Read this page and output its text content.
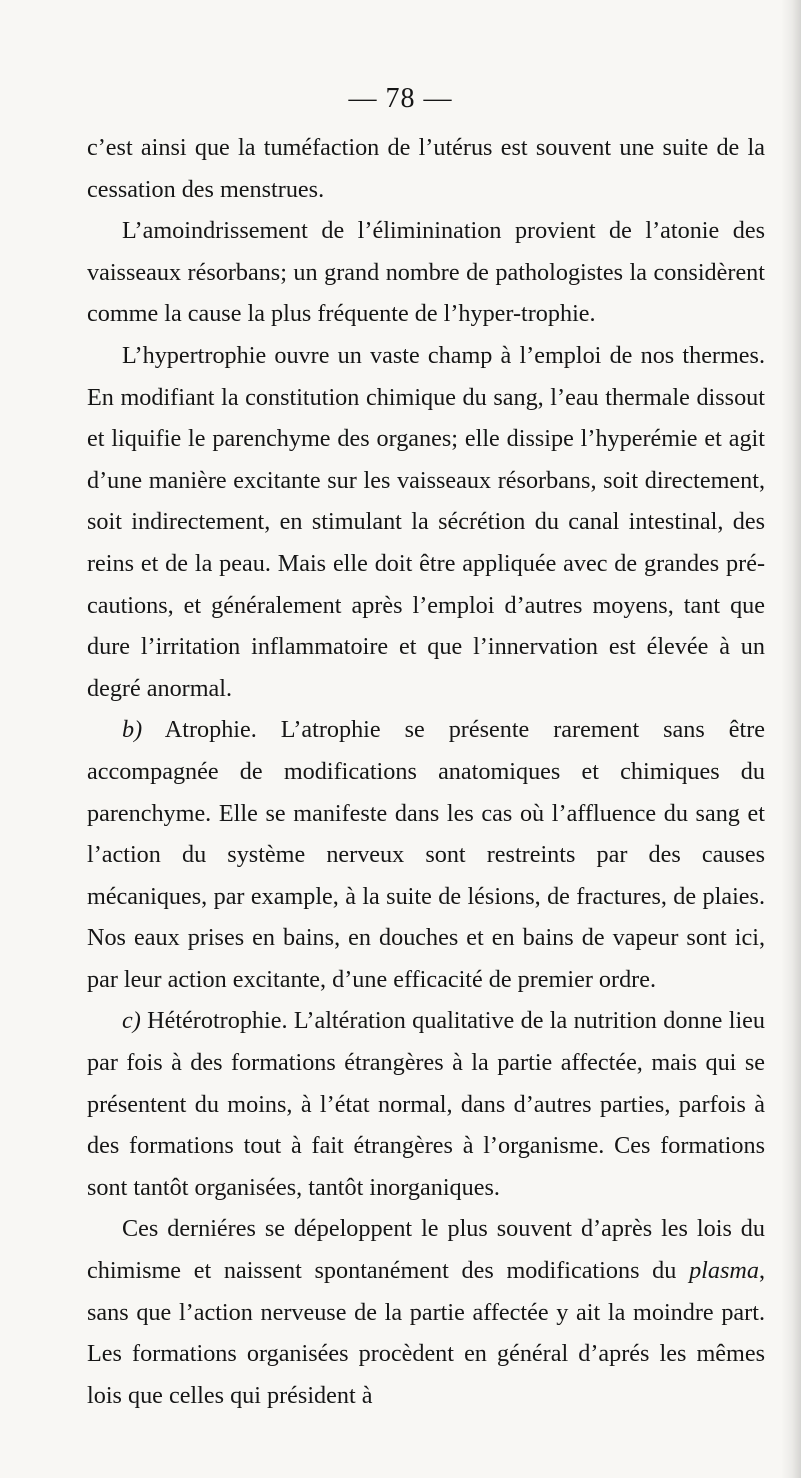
— 78 —

c’est ainsi que la tuméfaction de l’utérus est souvent une suite de la cessation des menstrues.

L’amoindrissement de l’éliminination provient de l’atonie des vaisseaux résorbans; un grand nombre de pathologistes la considèrent comme la cause la plus fréquente de l’hyper-trophie.

L’hypertrophie ouvre un vaste champ à l’emploi de nos thermes. En modifiant la constitution chimique du sang, l’eau thermale dissout et liquifie le parenchyme des organes; elle dissipe l’hyperémie et agit d’une manière excitante sur les vaisseaux résorbans, soit directement, soit indirectement, en stimulant la sécrétion du canal intestinal, des reins et de la peau. Mais elle doit être appliquée avec de grandes pré-cautions, et généralement après l’emploi d’autres moyens, tant que dure l’irritation inflammatoire et que l’innervation est élevée à un degré anormal.

b) Atrophie. L’atrophie se présente rarement sans être accompagnée de modifications anatomiques et chimiques du parenchyme. Elle se manifeste dans les cas où l’affluence du sang et l’action du système nerveux sont restreints par des causes mécaniques, par example, à la suite de lésions, de fractures, de plaies. Nos eaux prises en bains, en douches et en bains de vapeur sont ici, par leur action excitante, d’une efficacité de premier ordre.

c) Hétérotrophie. L’altération qualitative de la nutrition donne lieu par fois à des formations étrangères à la partie affectée, mais qui se présentent du moins, à l’état normal, dans d’autres parties, parfois à des formations tout à fait étrangères à l’organisme. Ces formations sont tantôt organisées, tantôt inorganiques.

Ces derniéres se dépeloppent le plus souvent d’après les lois du chimisme et naissent spontanément des modifications du plasma, sans que l’action nerveuse de la partie affectée y ait la moindre part. Les formations organisées procèdent en général d’aprés les mêmes lois que celles qui président à
